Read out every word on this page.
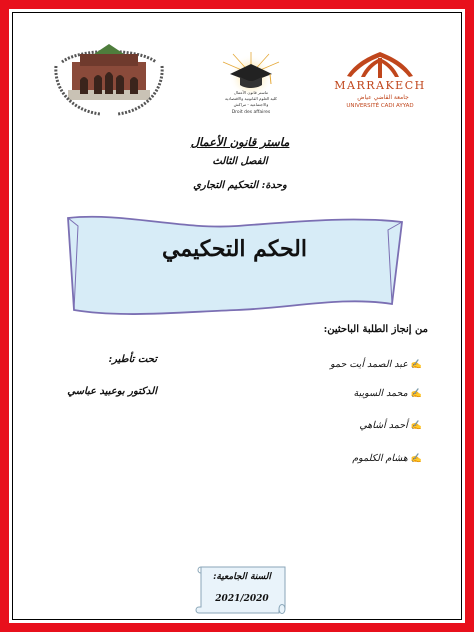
MARRAKECH
جامعة القاضي عياض
UNIVERSITÉ CADI AYYAD
ماستر قانون الأعمال
كلية العلوم القانونية والاقتصادية
والاجتماعية - مراكش
Droit des affaires
ماستر قانون الأعمال
الفصل الثالث
وحدة: التحكيم التجاري
الحكم التحكيمي
من إنجاز الطلبة الباحثين:
✍
عبد الصمد أيت حمو
✍
محمد السويبة
✍
أحمد أشاهي
✍
هشام الكلموم
تحت تأطير:
الدكتور بوعبيد عباسي
السنة الجامعية:
2021/2020
